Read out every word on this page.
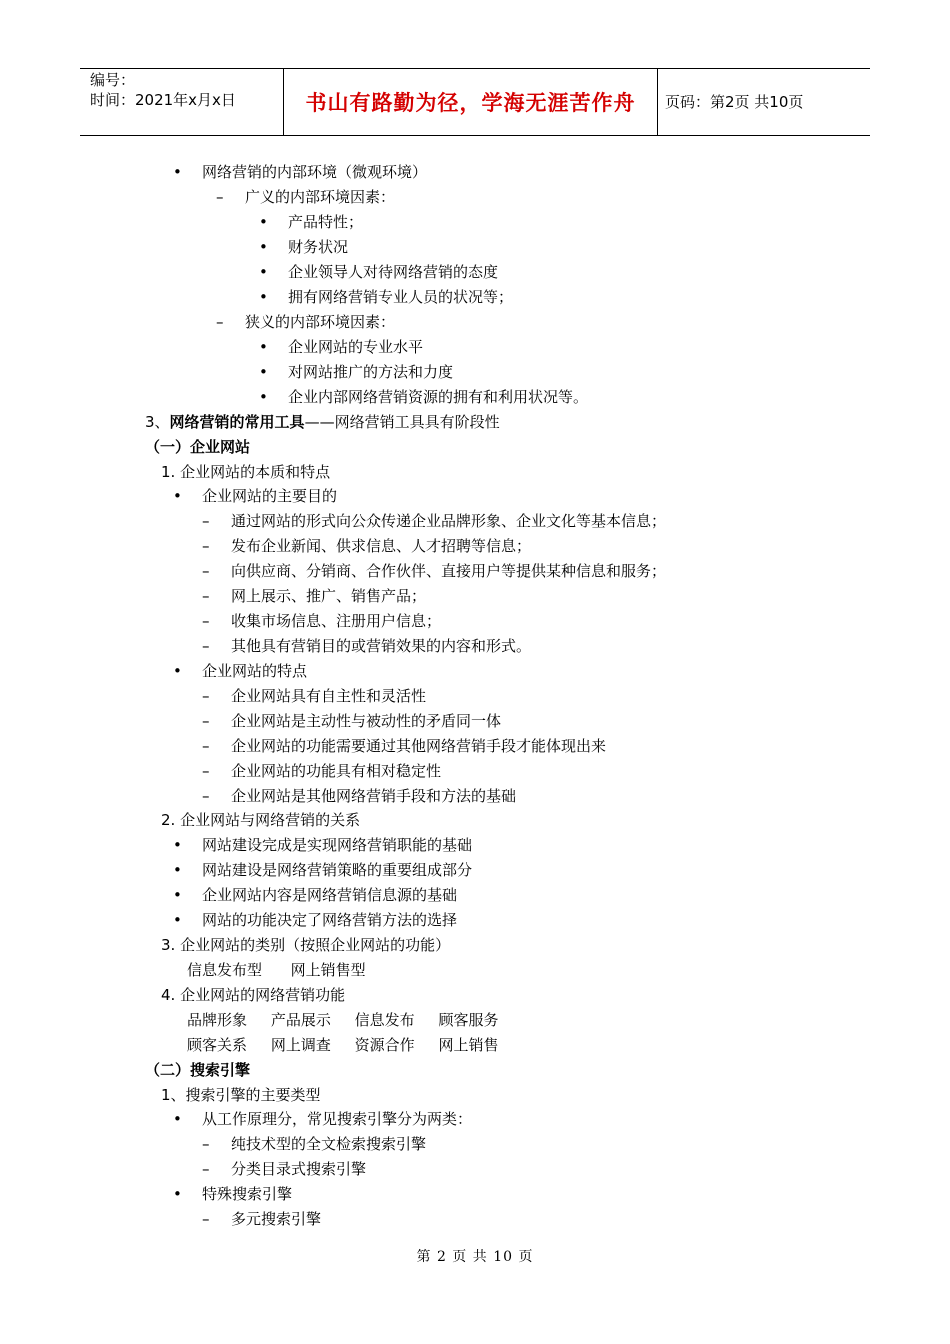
编号：
时间：2021年x月x日	书山有路勤为径，学海无涯苦作舟	页码：第2页 共10页
• 网络营销的内部环境（微观环境）
– 广义的内部环境因素：
• 产品特性；
• 财务状况
• 企业领导人对待网络营销的态度
• 拥有网络营销专业人员的状况等；
– 狭义的内部环境因素：
• 企业网站的专业水平
• 对网站推广的方法和力度
• 企业内部网络营销资源的拥有和利用状况等。
3、网络营销的常用工具——网络营销工具具有阶段性
（一）企业网站
1. 企业网站的本质和特点
• 企业网站的主要目的
– 通过网站的形式向公众传递企业品牌形象、企业文化等基本信息；
– 发布企业新闻、供求信息、人才招聘等信息；
– 向供应商、分销商、合作伙伴、直接用户等提供某种信息和服务；
– 网上展示、推广、销售产品；
– 收集市场信息、注册用户信息；
– 其他具有营销目的或营销效果的内容和形式。
• 企业网站的特点
– 企业网站具有自主性和灵活性
– 企业网站是主动性与被动性的矛盾同一体
– 企业网站的功能需要通过其他网络营销手段才能体现出来
– 企业网站的功能具有相对稳定性
– 企业网站是其他网络营销手段和方法的基础
2. 企业网站与网络营销的关系
• 网站建设完成是实现网络营销职能的基础
• 网站建设是网络营销策略的重要组成部分
• 企业网站内容是网络营销信息源的基础
• 网站的功能决定了网络营销方法的选择
3. 企业网站的类别（按照企业网站的功能）
信息发布型      网上销售型
4. 企业网站的网络营销功能
品牌形象     产品展示     信息发布     顾客服务
顾客关系     网上调查     资源合作     网上销售
（二）搜索引擎
1、搜索引擎的主要类型
• 从工作原理分，常见搜索引擎分为两类：
– 纯技术型的全文检索搜索引擎
– 分类目录式搜索引擎
• 特殊搜索引擎
– 多元搜索引擎
第 2 页 共 10 页
